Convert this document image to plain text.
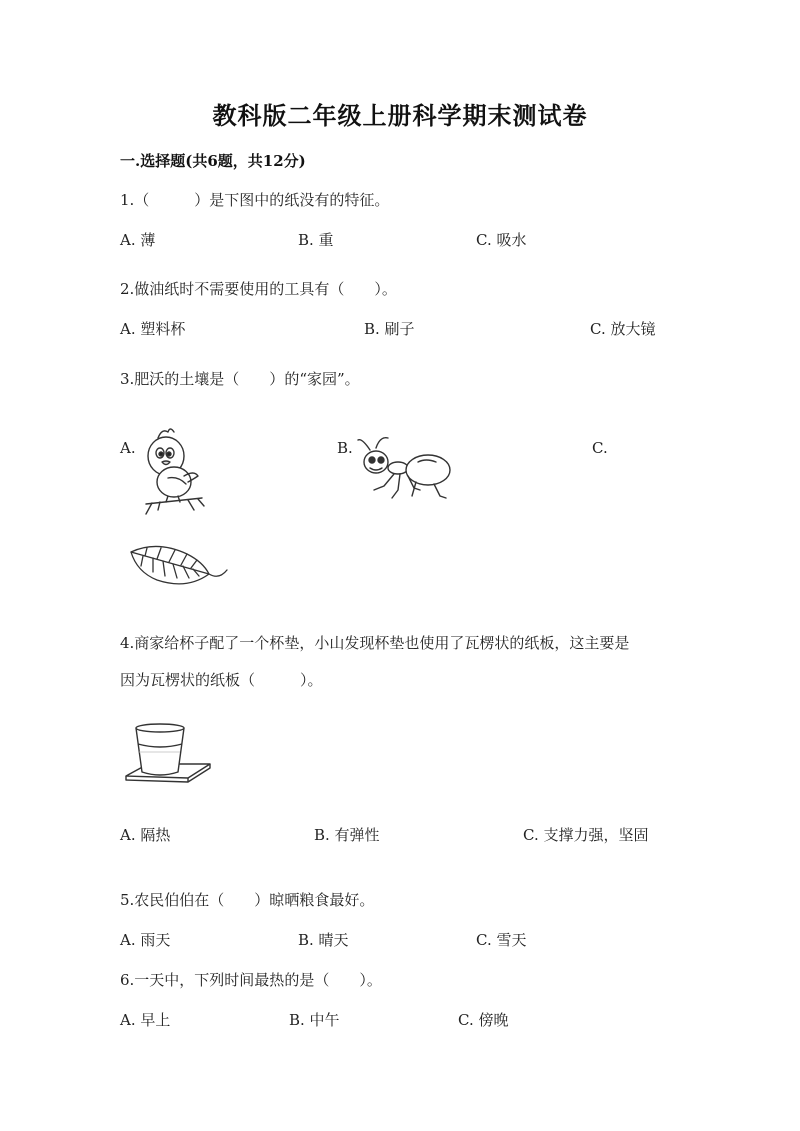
教科版二年级上册科学期末测试卷
一.选择题(共6题，共12分)
1.（　　　）是下图中的纸没有的特征。
A. 薄	B. 重	C. 吸水
2.做油纸时不需要使用的工具有（　　）。
A. 塑料杯	B. 刷子	C. 放大镜
3.肥沃的土壤是（　　）的“家园”。
A.	B.	C.
4.商家给杯子配了一个杯垫，小山发现杯垫也使用了瓦楞状的纸板，这主要是
因为瓦楞状的纸板（　　　）。
A. 隔热	B. 有弹性	C. 支撑力强，坚固
5.农民伯伯在（　　）晾晒粮食最好。
A. 雨天	B. 晴天	C. 雪天
6.一天中，下列时间最热的是（　　）。
A. 早上	B. 中午	C. 傍晚
